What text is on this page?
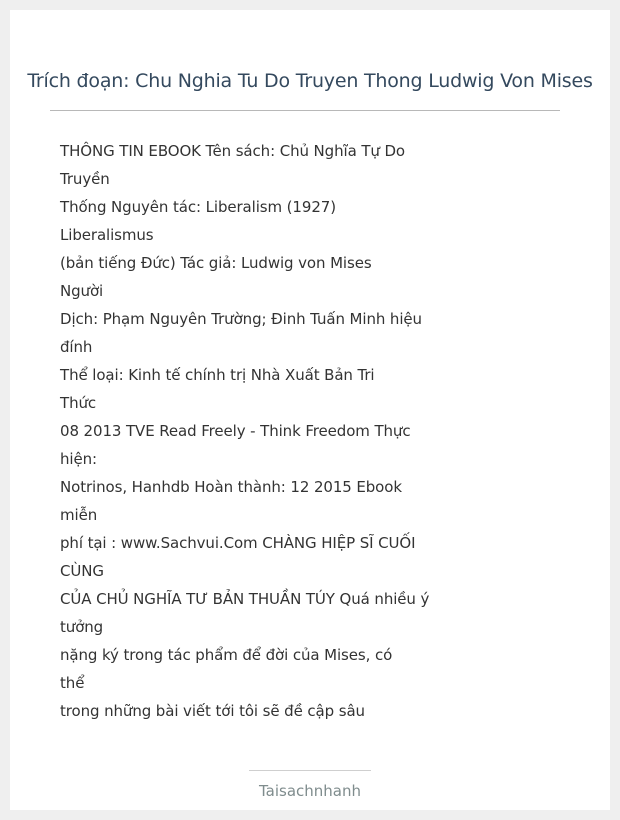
Trích đoạn: Chu Nghia Tu Do Truyen Thong Ludwig Von Mises
THÔNG TIN EBOOK Tên sách: Chủ Nghĩa Tự Do
Truyền
Thống Nguyên tác: Liberalism (1927)
Liberalismus
(bản tiếng Đức) Tác giả: Ludwig von Mises
Người
Dịch: Phạm Nguyên Trường; Đinh Tuấn Minh hiệu
đính
Thể loại: Kinh tế chính trị Nhà Xuất Bản Tri
Thức
08 2013 TVE Read Freely - Think Freedom Thực
hiện:
Notrinos, Hanhdb Hoàn thành: 12 2015 Ebook
miễn
phí tại : www.Sachvui.Com CHÀNG HIỆP SĨ CUỐI
CÙNG
CỦA CHỦ NGHĨA TƯ BẢN THUẦN TÚY Quá nhiều ý
tưởng
nặng ký trong tác phẩm để đời của Mises, có
thể
trong những bài viết tới tôi sẽ đề cập sâu
Taisachnhanh
